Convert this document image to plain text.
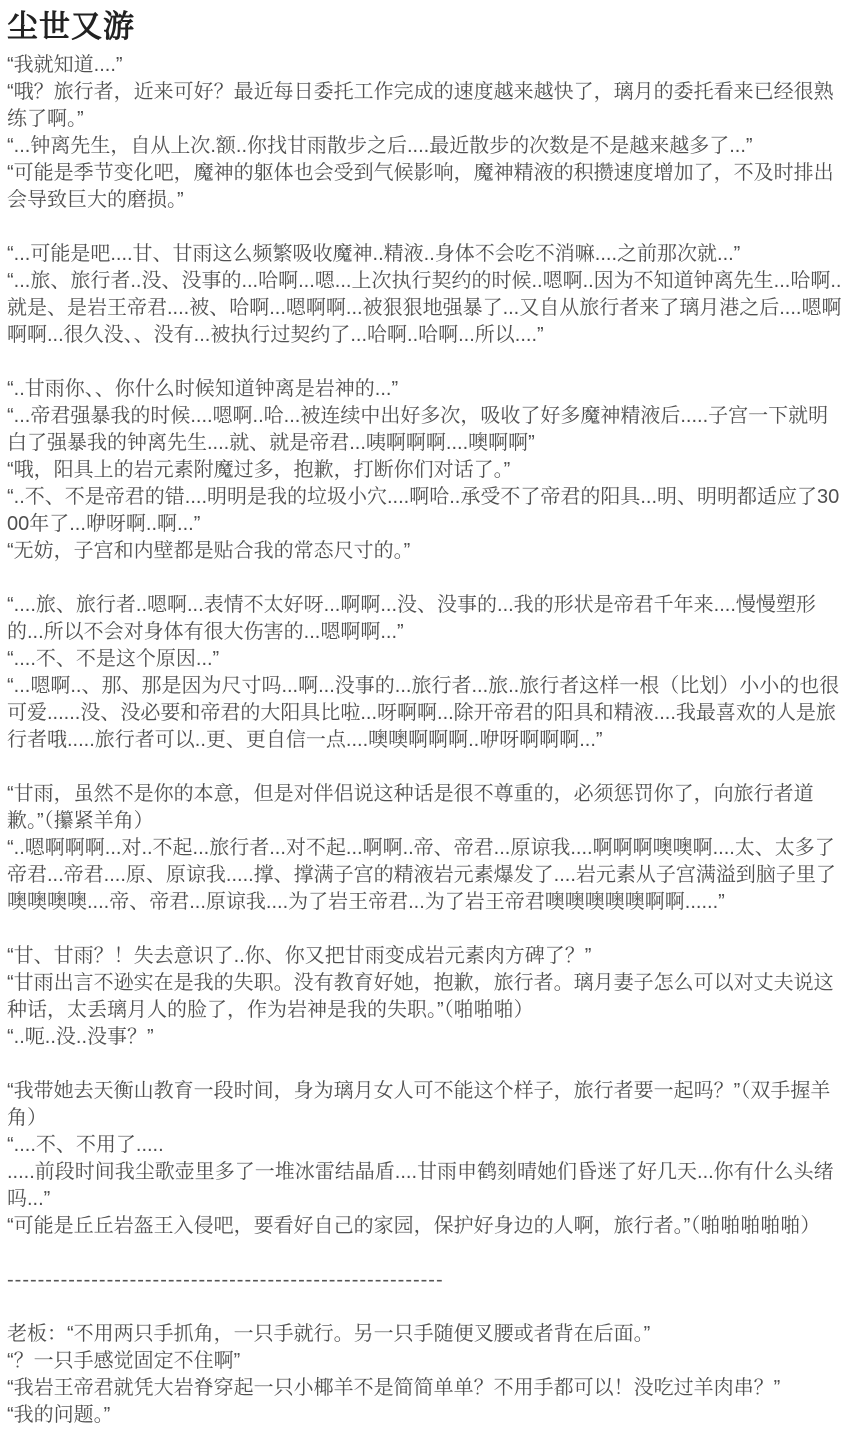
尘世又游

“我就知道....”

“哦？旅行者，近来可好？最近每日委托工作完成的速度越来越快了，璃月的委托看来已经很熟练了啊。”

“...钟离先生，自从上次.额..你找甘雨散步之后....最近散步的次数是不是越来越多了...”

“可能是季节变化吧，魔神的躯体也会受到气候影响，魔神精液的积攒速度增加了，不及时排出会导致巨大的磨损。”

“...可能是吧....甘、甘雨这么频繁吸收魔神..精液..身体不会吃不消嘛....之前那次就...”

“...旅、旅行者..没、没事的...哈啊...嗯...上次执行契约的时候..嗯啊..因为不知道钟离先生...哈啊..就是、是岩王帝君....被、哈啊...嗯啊啊...被狠狠地强暴了...又自从旅行者来了璃月港之后....嗯啊啊啊...很久没、、没有...被执行过契约了...哈啊..哈啊...所以....”

“..甘雨你、、你什么时候知道钟离是岩神的...”

“...帝君强暴我的时候....嗯啊..哈...被连续中出好多次，吸收了好多魔神精液后.....子宫一下就明白了强暴我的钟离先生....就、就是帝君...咦啊啊啊....噢啊啊”

“哦，阳具上的岩元素附魔过多，抱歉，打断你们对话了。”

“..不、不是帝君的错....明明是我的垃圾小穴....啊哈..承受不了帝君的阳具...明、明明都适应了3000年了...咿呀啊..啊...”

“无妨，子宫和内壁都是贴合我的常态尺寸的。”

“....旅、旅行者..嗯啊...表情不太好呀...啊啊...没、没事的...我的形状是帝君千年来....慢慢塑形的...所以不会对身体有很大伤害的...嗯啊啊...”

“....不、不是这个原因...”

“...嗯啊..、那、那是因为尺寸吗...啊...没事的...旅行者...旅..旅行者这样一根（比划）小小的也很可爱......没、没必要和帝君的大阳具比啦...呀啊啊...除开帝君的阳具和精液....我最喜欢的人是旅行者哦.....旅行者可以..更、更自信一点....噢噢啊啊啊..咿呀啊啊啊...”

“甘雨，虽然不是你的本意，但是对伴侣说这种话是很不尊重的，必须惩罚你了，向旅行者道歉。”（攥紧羊角）

“..嗯啊啊啊...对..不起...旅行者...对不起...啊啊..帝、帝君...原谅我....啊啊啊噢噢啊....太、太多了帝君...帝君....原、原谅我.....撑、撑满子宫的精液岩元素爆发了....岩元素从子宫满溢到脑子里了噢噢噢噢....帝、帝君...原谅我....为了岩王帝君...为了岩王帝君噢噢噢噢噢啊啊......”

“甘、甘雨？！失去意识了..你、你又把甘雨变成岩元素肉方碑了？”

“甘雨出言不逊实在是我的失职。没有教育好她，抱歉，旅行者。璃月妻子怎么可以对丈夫说这种话，太丢璃月人的脸了，作为岩神是我的失职。”（啪啪啪）

“..呃..没..没事？”

“我带她去天衡山教育一段时间，身为璃月女人可不能这个样子，旅行者要一起吗？”（双手握羊角）

“....不、不用了.....

.....前段时间我尘歌壶里多了一堆冰雷结晶盾....甘雨申鹤刻晴她们昏迷了好几天...你有什么头绪吗...”

“可能是丘丘岩盔王入侵吧，要看好自己的家园，保护好身边的人啊，旅行者。”（啪啪啪啪啪）

---------------------------------------------------------

老板：“不用两只手抓角，一只手就行。另一只手随便叉腰或者背在后面。”

“？一只手感觉固定不住啊”

“我岩王帝君就凭大岩脊穿起一只小椰羊不是简简单单？不用手都可以！没吃过羊肉串？”

“我的问题。”
